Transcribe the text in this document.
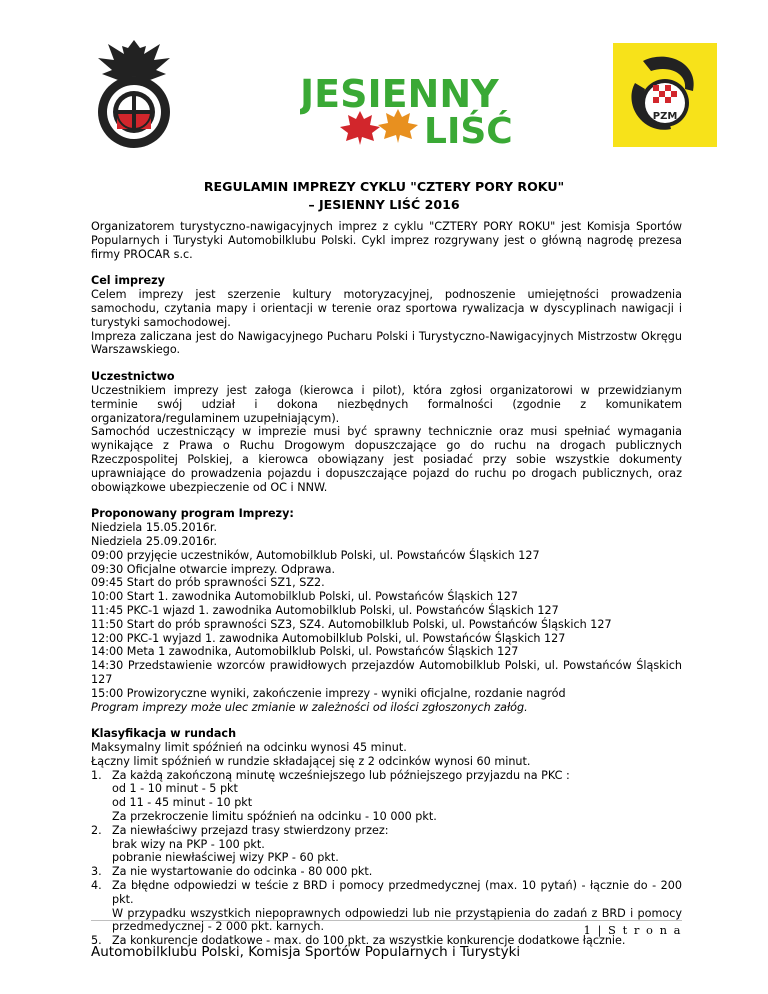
JESIENNY
LIŚĆ	PZM
REGULAMIN IMPREZY CYKLU "CZTERY PORY ROKU"
– JESIENNY LIŚĆ 2016

Organizatorem turystyczno-nawigacyjnych imprez z cyklu "CZTERY PORY ROKU" jest Komisja Sportów Popularnych i Turystyki Automobilklubu Polski. Cykl imprez rozgrywany jest o główną nagrodę prezesa firmy PROCAR s.c.

Cel imprezy

Celem imprezy jest szerzenie kultury motoryzacyjnej, podnoszenie umiejętności prowadzenia samochodu, czytania mapy i orientacji w terenie oraz sportowa rywalizacja w dyscyplinach nawigacji i turystyki samochodowej.

Impreza zaliczana jest do Nawigacyjnego Pucharu Polski i Turystyczno-Nawigacyjnych Mistrzostw Okręgu Warszawskiego.

Uczestnictwo

Uczestnikiem imprezy jest załoga (kierowca i pilot), która zgłosi organizatorowi w przewidzianym terminie swój udział i dokona niezbędnych formalności (zgodnie z komunikatem organizatora/regulaminem uzupełniającym).

Samochód uczestniczący w imprezie musi być sprawny technicznie oraz musi spełniać wymagania wynikające z Prawa o Ruchu Drogowym dopuszczające go do ruchu na drogach publicznych Rzeczpospolitej Polskiej, a kierowca obowiązany jest posiadać przy sobie wszystkie dokumenty uprawniające do prowadzenia pojazdu i dopuszczające pojazd do ruchu po drogach publicznych, oraz obowiązkowe ubezpieczenie od OC i NNW.

Proponowany program Imprezy:

Niedziela 15.05.2016r.

Niedziela 25.09.2016r.

09:00 przyjęcie uczestników, Automobilklub Polski, ul. Powstańców Śląskich 127

09:30 Oficjalne otwarcie imprezy. Odprawa.

09:45 Start do prób sprawności SZ1, SZ2.

10:00 Start 1. zawodnika Automobilklub Polski, ul. Powstańców Śląskich 127

11:45 PKC-1 wjazd 1. zawodnika Automobilklub Polski, ul. Powstańców Śląskich 127

11:50 Start do prób sprawności SZ3, SZ4. Automobilklub Polski, ul. Powstańców Śląskich 127

12:00 PKC-1 wyjazd 1. zawodnika Automobilklub Polski, ul. Powstańców Śląskich 127

14:00 Meta 1 zawodnika, Automobilklub Polski, ul. Powstańców Śląskich 127

14:30 Przedstawienie wzorców prawidłowych przejazdów Automobilklub Polski, ul. Powstańców Śląskich 127

15:00 Prowizoryczne wyniki, zakończenie imprezy - wyniki oficjalne, rozdanie nagród

Program imprezy może ulec zmianie w zależności od ilości zgłoszonych załóg.

Klasyfikacja w rundach

Maksymalny limit spóźnień na odcinku wynosi 45 minut.

Łączny limit spóźnień w rundzie składającej się z 2 odcinków wynosi 60 minut.

1. Za każdą zakończoną minutę wcześniejszego lub późniejszego przyjazdu na PKC :

od 1 - 10 minut - 5 pkt

od 11 - 45 minut - 10 pkt

Za przekroczenie limitu spóźnień na odcinku - 10 000 pkt.

2. Za niewłaściwy przejazd trasy stwierdzony przez:

brak wizy na PKP - 100 pkt.

pobranie niewłaściwej wizy PKP - 60 pkt.

3. Za nie wystartowanie do odcinka - 80 000 pkt.

4. Za błędne odpowiedzi w teście z BRD i pomocy przedmedycznej (max. 10 pytań) - łącznie do - 200 pkt.

W przypadku wszystkich niepoprawnych odpowiedzi lub nie przystąpienia do zadań z BRD i pomocy przedmedycznej - 2 000 pkt. karnych.

5. Za konkurencje dodatkowe - max. do 100 pkt. za wszystkie konkurencje dodatkowe łącznie.

1 | S t r o n a
Automobilklubu Polski, Komisja Sportów Popularnych i Turystyki
